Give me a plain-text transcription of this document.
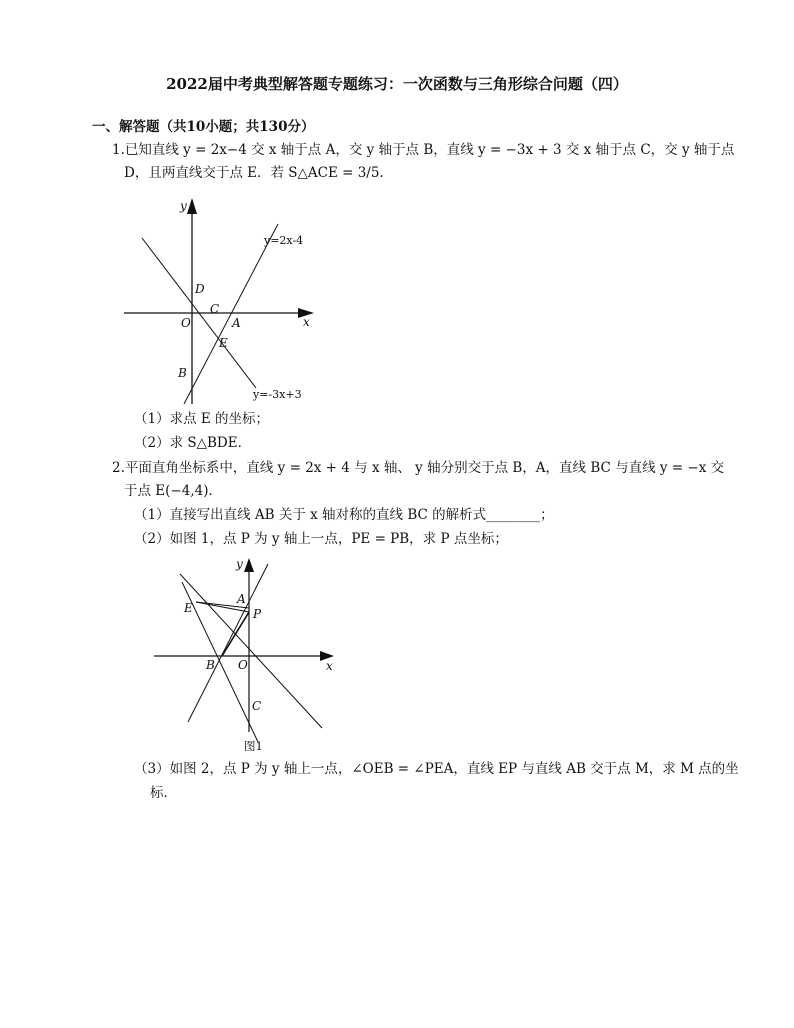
2022届中考典型解答题专题练习：一次函数与三角形综合问题（四）
一、解答题（共10小题；共130分）
1.已知直线 y = 2x−4 交 x 轴于点 A，交 y 轴于点 B，直线 y = −3x + 3 交 x 轴于点 C，交 y 轴于点
D，且两直线交于点 E．若 S△ACE = 3/5.
y
x
O
y=2x-4
y=-3x+3
D
C
A
E
B
（1）求点 E 的坐标；
（2）求 S△BDE．
2.平面直角坐标系中，直线 y = 2x + 4 与 x 轴、 y 轴分别交于点 B，A，直线 BC 与直线 y = −x 交
于点 E(−4,4)．
（1）直接写出直线 AB 关于 x 轴对称的直线 BC 的解析式________；
（2）如图 1，点 P 为 y 轴上一点，PE = PB，求 P 点坐标；
y
x
E
A
P
B O
C
图1
（3）如图 2，点 P 为 y 轴上一点，∠OEB = ∠PEA，直线 EP 与直线 AB 交于点 M，求 M 点的坐
标．
